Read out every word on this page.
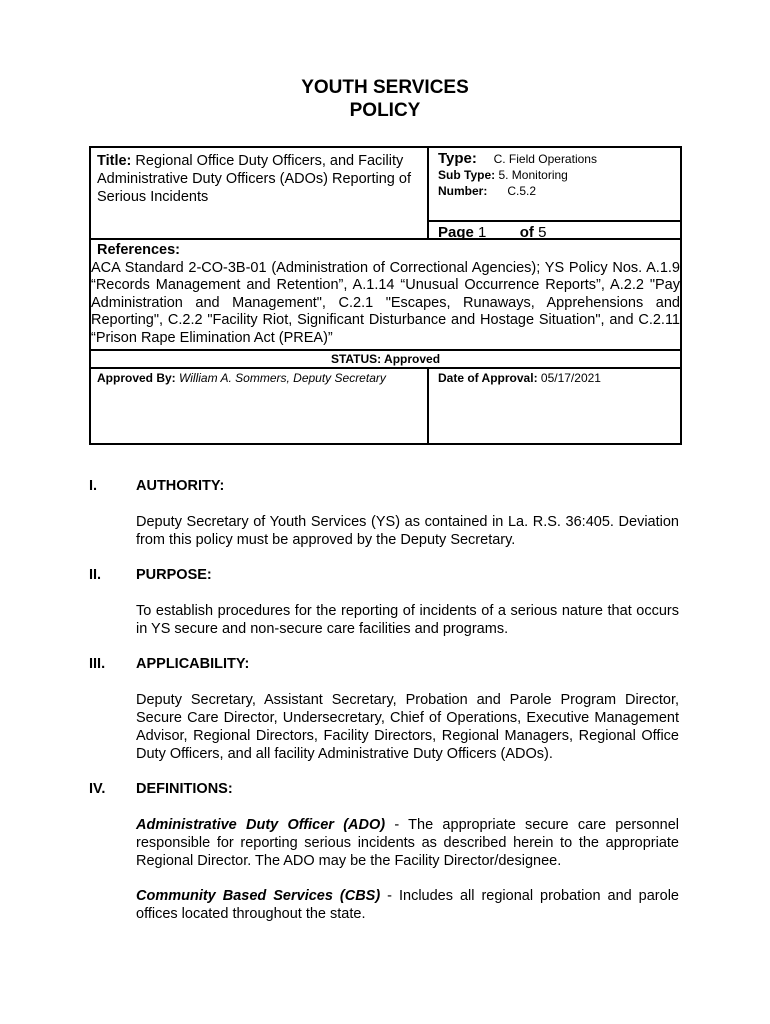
YOUTH SERVICES
POLICY
Title: Regional Office Duty Officers, and Facility Administrative Duty Officers (ADOs) Reporting of Serious Incidents
Type: C. Field Operations
Sub Type: 5. Monitoring
Number: C.5.2
Page 1 of 5
References:
ACA Standard 2-CO-3B-01 (Administration of Correctional Agencies); YS Policy Nos. A.1.9 “Records Management and Retention”, A.1.14 “Unusual Occurrence Reports”, A.2.2 "Pay Administration and Management", C.2.1 "Escapes, Runaways, Apprehensions and Reporting", C.2.2 "Facility Riot, Significant Disturbance and Hostage Situation", and C.2.11 “Prison Rape Elimination Act (PREA)”
STATUS: Approved
Approved By: William A. Sommers, Deputy Secretary	Date of Approval: 05/17/2021
I.	AUTHORITY:
Deputy Secretary of Youth Services (YS) as contained in La. R.S. 36:405. Deviation from this policy must be approved by the Deputy Secretary.
II. PURPOSE:
To establish procedures for the reporting of incidents of a serious nature that occurs in YS secure and non-secure care facilities and programs.
III. APPLICABILITY:
Deputy Secretary, Assistant Secretary, Probation and Parole Program Director, Secure Care Director, Undersecretary, Chief of Operations, Executive Management Advisor, Regional Directors, Facility Directors, Regional Managers, Regional Office Duty Officers, and all facility Administrative Duty Officers (ADOs).
IV. DEFINITIONS:
Administrative Duty Officer (ADO) - The appropriate secure care personnel responsible for reporting serious incidents as described herein to the appropriate Regional Director. The ADO may be the Facility Director/designee.
Community Based Services (CBS) - Includes all regional probation and parole offices located throughout the state.
